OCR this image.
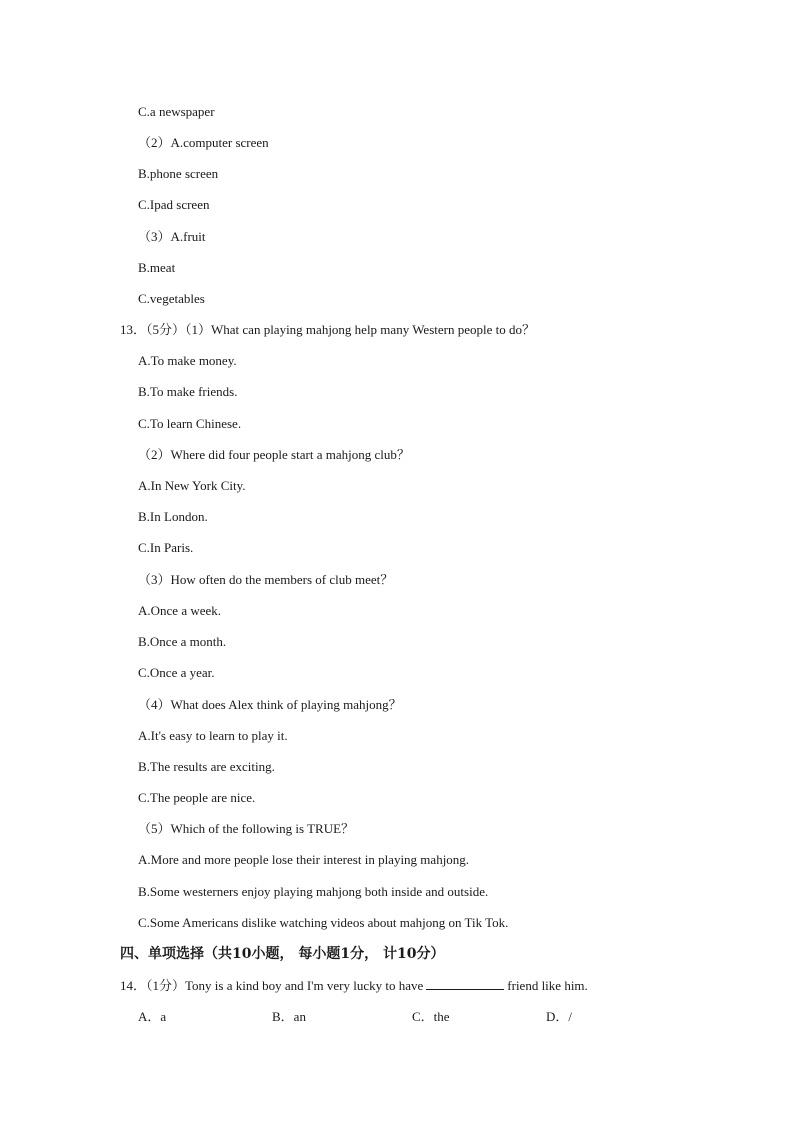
C.a newspaper
（2）A.computer screen
B.phone screen
C.Ipad screen
（3）A.fruit
B.meat
C.vegetables
13．（5分）（1）What can playing mahjong help many Western people to do？
A.To make money.
B.To make friends.
C.To learn Chinese.
（2）Where did four people start a mahjong club？
A.In New York City.
B.In London.
C.In Paris.
（3）How often do the members of club meet？
A.Once a week.
B.Once a month.
C.Once a year.
（4）What does Alex think of playing mahjong？
A.It's easy to learn to play it.
B.The results are exciting.
C.The people are nice.
（5）Which of the following is TRUE？
A.More and more people lose their interest in playing mahjong.
B.Some westerners enjoy playing mahjong both inside and outside.
C.Some Americans dislike watching videos about mahjong on Tik Tok.
四、单项选择（共10小题， 每小题1分， 计10分）
14．（1分）Tony is a kind boy and I'm very lucky to have	friend like him.
A．a	B．an	C．the	D．/
